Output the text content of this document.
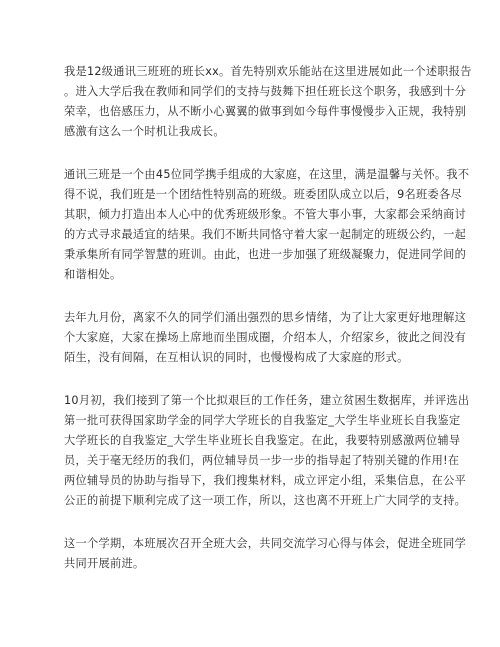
我是12级通讯三班班的班长xx。首先特别欢乐能站在这里进展如此一个述职报告
。进入大学后我在教师和同学们的支持与鼓舞下担任班长这个职务，我感到十分
荣幸，也倍感压力，从不断小心翼翼的做事到如今每件事慢慢步入正规，我特别
感激有这么一个时机让我成长。

通讯三班是一个由45位同学携手组成的大家庭，在这里，满是温馨与关怀。我不
得不说，我们班是一个团结性特别高的班级。班委团队成立以后，9名班委各尽
其职，倾力打造出本人心中的优秀班级形象。不管大事小事，大家都会采纳商讨
的方式寻求最适宜的结果。我们不断共同恪守着大家一起制定的班级公约，一起
秉承集所有同学智慧的班训。由此，也进一步加强了班级凝聚力，促进同学间的
和谐相处。

去年九月份，离家不久的同学们涌出强烈的思乡情绪，为了让大家更好地理解这
个大家庭，大家在操场上席地而坐围成圈，介绍本人，介绍家乡，彼此之间没有
陌生，没有间隔，在互相认识的同时，也慢慢构成了大家庭的形式。

10月初，我们接到了第一个比拟艰巨的工作任务，建立贫困生数据库，并评选出
第一批可获得国家助学金的同学大学班长的自我鉴定_大学生毕业班长自我鉴定
大学班长的自我鉴定_大学生毕业班长自我鉴定。在此，我要特别感激两位辅导
员，关于毫无经历的我们，两位辅导员一步一步的指导起了特别关键的作用!在
两位辅导员的协助与指导下，我们搜集材料，成立评定小组，采集信息，在公平
公正的前提下顺利完成了这一项工作，所以，这也离不开班上广大同学的支持。

这一个学期，本班展次召开全班大会，共同交流学习心得与体会，促进全班同学
共同开展前进。
